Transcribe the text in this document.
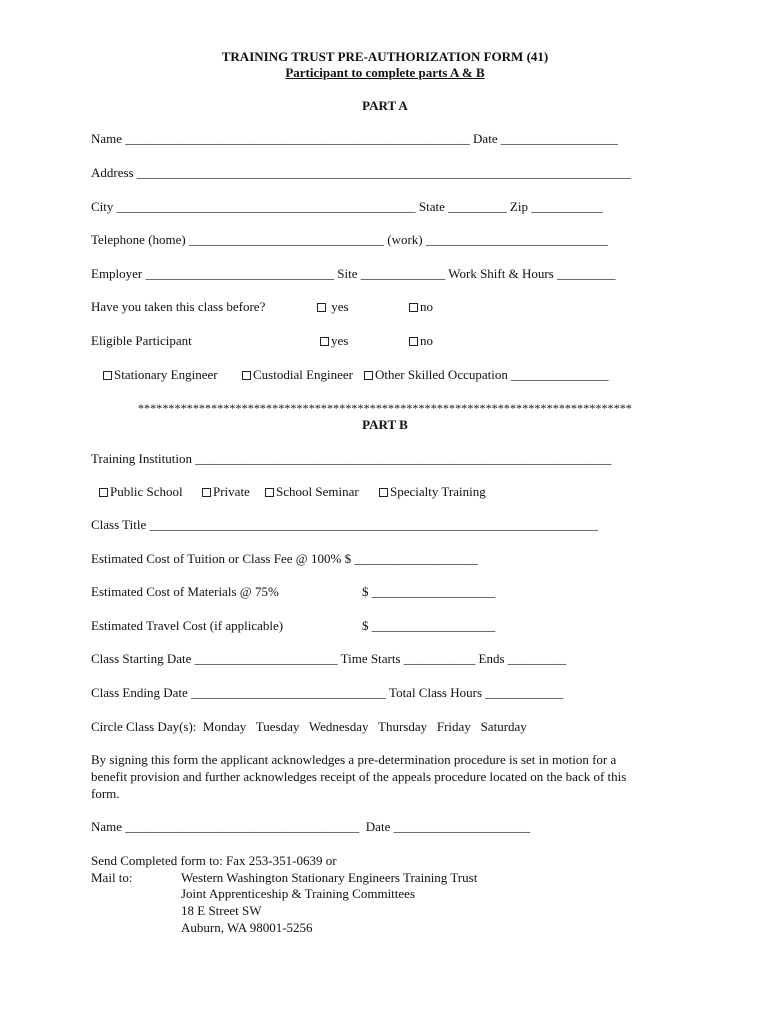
TRAINING TRUST PRE-AUTHORIZATION FORM (41)
Participant to complete parts A & B
PART A
Name _____________________________________________________ Date __________________
Address ____________________________________________________________________________
City ______________________________________________ State _________ Zip ___________
Telephone (home) ______________________________ (work) ____________________________
Employer _____________________________ Site _____________ Work Shift & Hours _________
Have you taken this class before?	yes	no
Eligible Participant	yes	no
Stationary Engineer	Custodial Engineer	Other Skilled Occupation _______________
*********************************************************************************
PART B
Training Institution ________________________________________________________________
Public School	Private	School Seminar	Specialty Training
Class Title _____________________________________________________________________
Estimated Cost of Tuition or Class Fee @ 100% $ ___________________
Estimated Cost of Materials @ 75%	$ ___________________
Estimated Travel Cost (if applicable)	$ ___________________
Class Starting Date ______________________ Time Starts ___________ Ends _________
Class Ending Date ______________________________ Total Class Hours ____________
Circle Class Day(s): Monday Tuesday Wednesday Thursday Friday Saturday
By signing this form the applicant acknowledges a pre-determination procedure is set in motion for a
benefit provision and further acknowledges receipt of the appeals procedure located on the back of this
form.
Name ____________________________________ Date _____________________
Send Completed form to: Fax 253-351-0639 or
Mail to:	Western Washington Stationary Engineers Training Trust
Joint Apprenticeship & Training Committees
18 E Street SW
Auburn, WA 98001-5256
